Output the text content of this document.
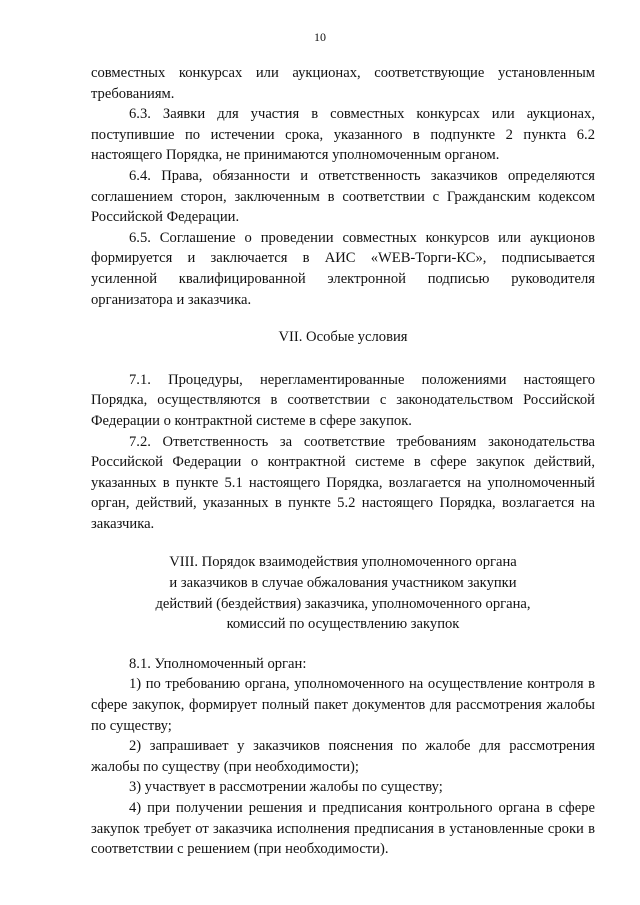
10

совместных конкурсах или аукционах, соответствующие установленным требованиям.

6.3. Заявки для участия в совместных конкурсах или аукционах, поступившие по истечении срока, указанного в подпункте 2 пункта 6.2 настоящего Порядка, не принимаются уполномоченным органом.

6.4. Права, обязанности и ответственность заказчиков определяются соглашением сторон, заключенным в соответствии с Гражданским кодексом Российской Федерации.

6.5. Соглашение о проведении совместных конкурсов или аукционов формируется и заключается в АИС «WEB-Торги-КС», подписывается усиленной квалифицированной электронной подписью руководителя организатора и заказчика.

VII. Особые условия

7.1. Процедуры, нерегламентированные положениями настоящего Порядка, осуществляются в соответствии с законодательством Российской Федерации о контрактной системе в сфере закупок.

7.2. Ответственность за соответствие требованиям законодательства Российской Федерации о контрактной системе в сфере закупок действий, указанных в пункте 5.1 настоящего Порядка, возлагается на уполномоченный орган, действий, указанных в пункте 5.2 настоящего Порядка, возлагается на заказчика.

VIII. Порядок взаимодействия уполномоченного органа
и заказчиков в случае обжалования участником закупки
действий (бездействия) заказчика, уполномоченного органа,
комиссий по осуществлению закупок

8.1. Уполномоченный орган:

1) по требованию органа, уполномоченного на осуществление контроля в сфере закупок, формирует полный пакет документов для рассмотрения жалобы по существу;

2) запрашивает у заказчиков пояснения по жалобе для рассмотрения жалобы по существу (при необходимости);

3) участвует в рассмотрении жалобы по существу;

4) при получении решения и предписания контрольного органа в сфере закупок требует от заказчика исполнения предписания в установленные сроки в соответствии с решением (при необходимости).
